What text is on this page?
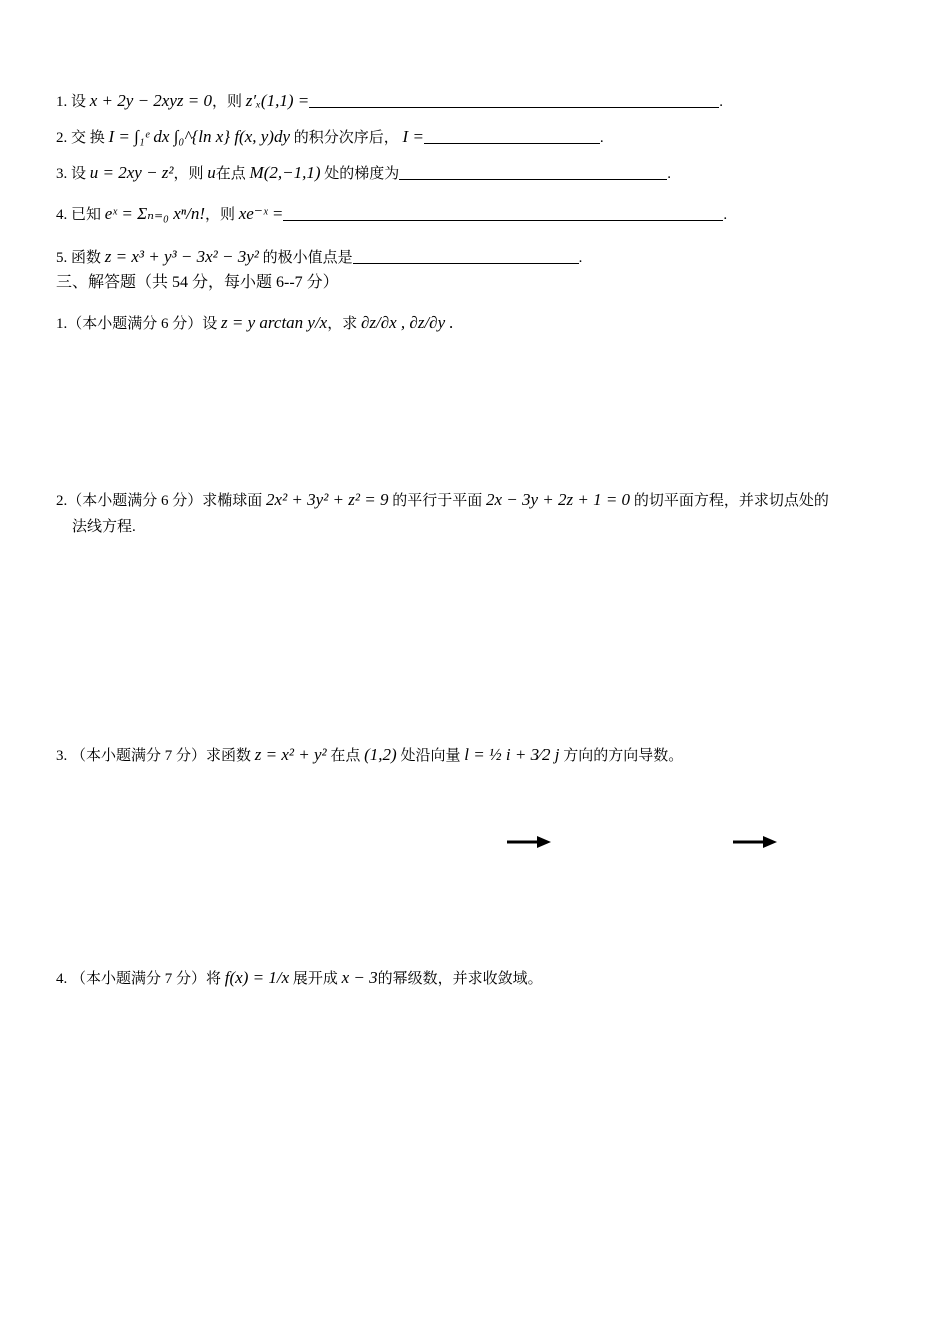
1. 设 x + 2y − 2xyz = 0，则 z′ₓ(1,1) =	.
2. 交 换 I = ∫₁ᵉ dx ∫₀^{ln x} f(x, y)dy 的积分次序后， I =	.
3. 设 u = 2xy − z²，则 u在点 M(2,−1,1) 处的梯度为	.
4. 已知 eˣ = Σₙ₌₀ xⁿ/n!，则 xe⁻ˣ =	.
5. 函数 z = x³ + y³ − 3x² − 3y² 的极小值点是	.
三、解答题（共 54 分，每小题 6--7 分）
1.（本小题满分 6 分）设 z = y arctan y/x，求 ∂z/∂x , ∂z/∂y .
2.（本小题满分 6 分）求椭球面 2x² + 3y² + z² = 9 的平行于平面 2x − 3y + 2z + 1 = 0 的切平面方程，并求切点处的
法线方程.
3. （本小题满分 7 分）求函数 z = x² + y² 在点 (1,2) 处沿向量 l = ½ i + 3⁄2 j 方向的方向导数。
4. （本小题满分 7 分）将 f(x) = 1/x 展开成 x − 3的幂级数，并求收敛域。
